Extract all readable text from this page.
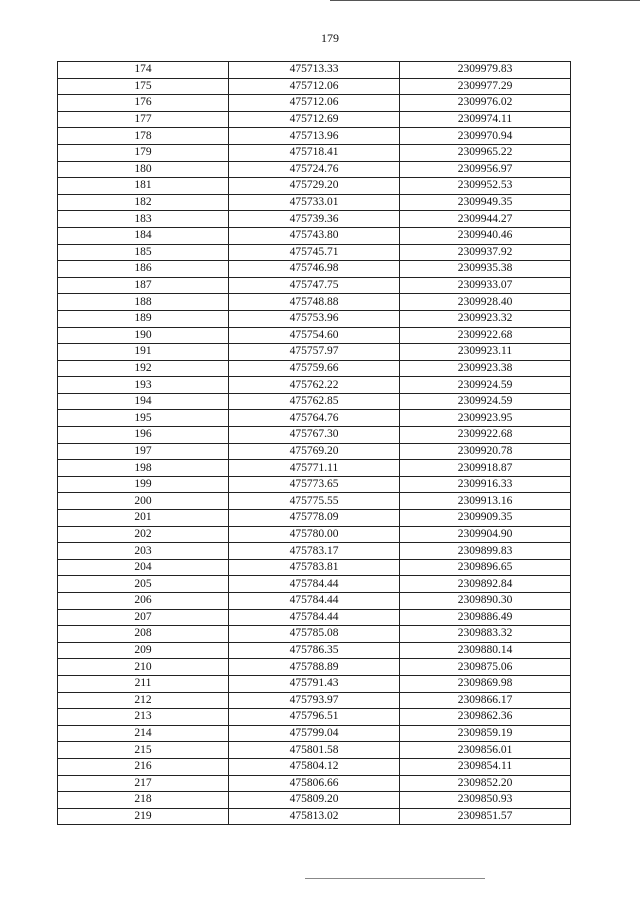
179
174	475713.33	2309979.83
175	475712.06	2309977.29
176	475712.06	2309976.02
177	475712.69	2309974.11
178	475713.96	2309970.94
179	475718.41	2309965.22
180	475724.76	2309956.97
181	475729.20	2309952.53
182	475733.01	2309949.35
183	475739.36	2309944.27
184	475743.80	2309940.46
185	475745.71	2309937.92
186	475746.98	2309935.38
187	475747.75	2309933.07
188	475748.88	2309928.40
189	475753.96	2309923.32
190	475754.60	2309922.68
191	475757.97	2309923.11
192	475759.66	2309923.38
193	475762.22	2309924.59
194	475762.85	2309924.59
195	475764.76	2309923.95
196	475767.30	2309922.68
197	475769.20	2309920.78
198	475771.11	2309918.87
199	475773.65	2309916.33
200	475775.55	2309913.16
201	475778.09	2309909.35
202	475780.00	2309904.90
203	475783.17	2309899.83
204	475783.81	2309896.65
205	475784.44	2309892.84
206	475784.44	2309890.30
207	475784.44	2309886.49
208	475785.08	2309883.32
209	475786.35	2309880.14
210	475788.89	2309875.06
211	475791.43	2309869.98
212	475793.97	2309866.17
213	475796.51	2309862.36
214	475799.04	2309859.19
215	475801.58	2309856.01
216	475804.12	2309854.11
217	475806.66	2309852.20
218	475809.20	2309850.93
219	475813.02	2309851.57
